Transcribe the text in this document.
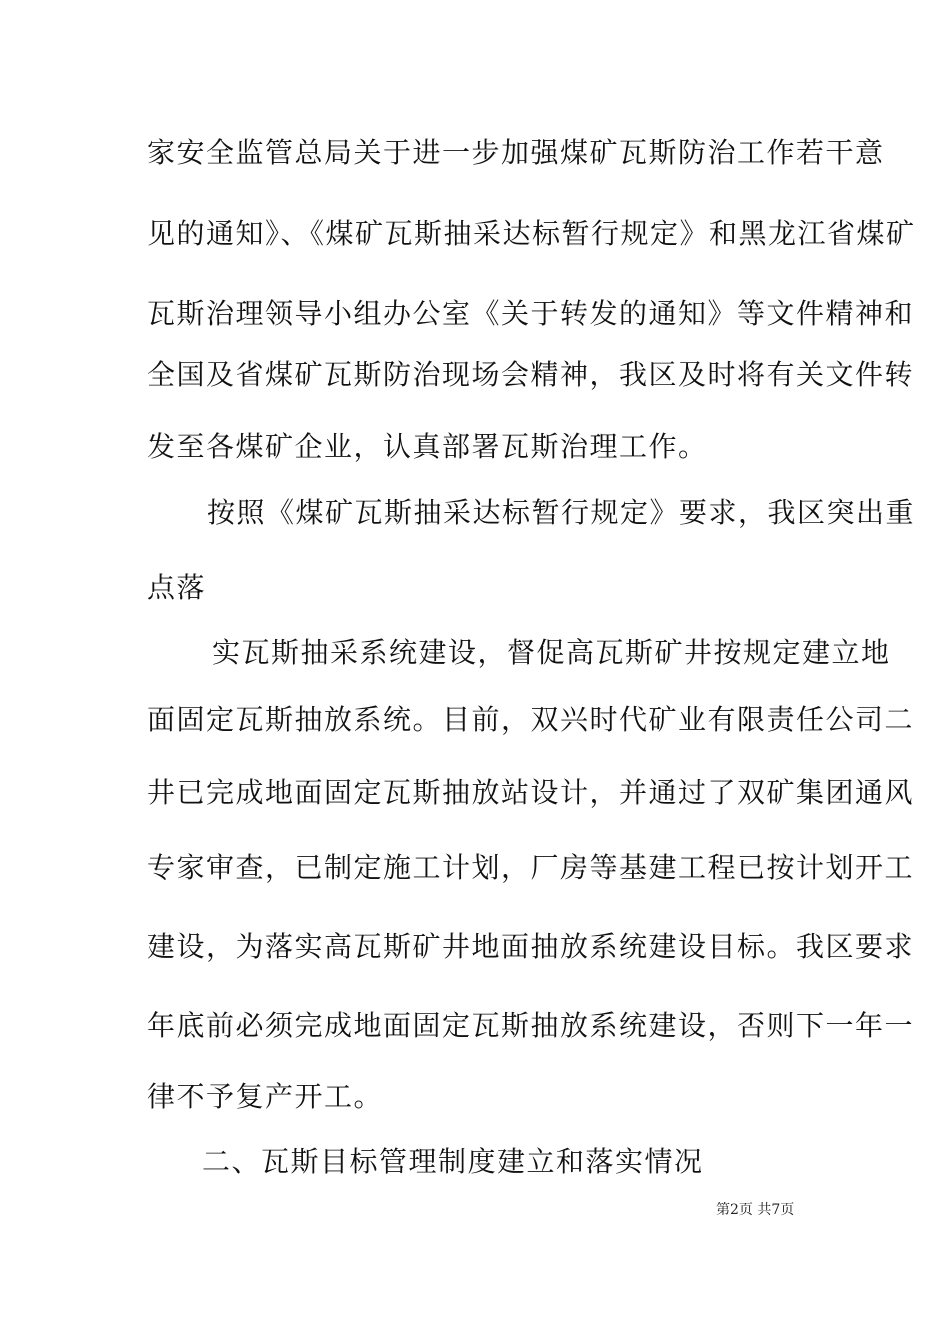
家安全监管总局关于进一步加强煤矿瓦斯防治工作若干意
见的通知》、《煤矿瓦斯抽采达标暂行规定》和黑龙江省煤矿
瓦斯治理领导小组办公室《关于转发的通知》等文件精神和
全国及省煤矿瓦斯防治现场会精神，我区及时将有关文件转
发至各煤矿企业，认真部署瓦斯治理工作。
按照《煤矿瓦斯抽采达标暂行规定》要求，我区突出重
点落
实瓦斯抽采系统建设，督促高瓦斯矿井按规定建立地
面固定瓦斯抽放系统。目前，双兴时代矿业有限责任公司二
井已完成地面固定瓦斯抽放站设计，并通过了双矿集团通风
专家审查，已制定施工计划，厂房等基建工程已按计划开工
建设，为落实高瓦斯矿井地面抽放系统建设目标。我区要求
年底前必须完成地面固定瓦斯抽放系统建设，否则下一年一
律不予复产开工。
二、瓦斯目标管理制度建立和落实情况
第2页 共7页
